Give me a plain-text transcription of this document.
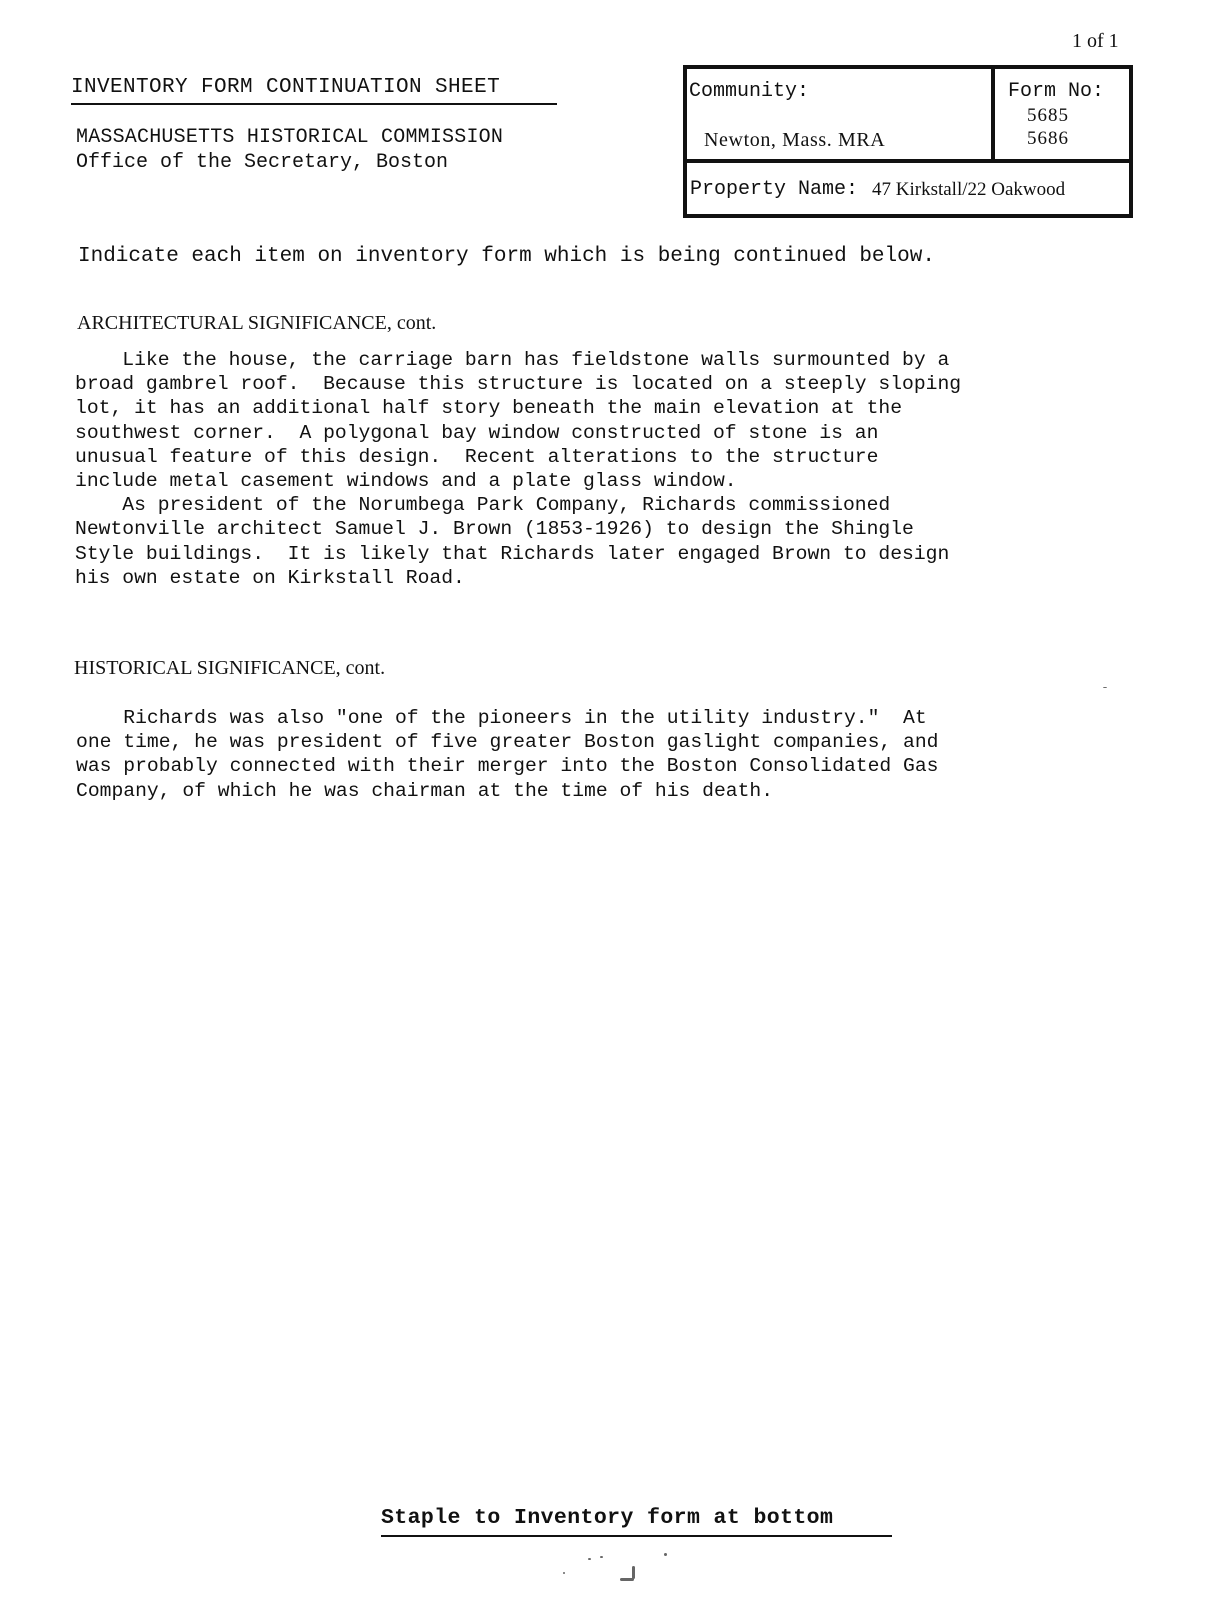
1 of 1
INVENTORY FORM CONTINUATION SHEET
MASSACHUSETTS HISTORICAL COMMISSION
Office of the Secretary, Boston
Community:
Newton, Mass. MRA
Form No:
5685
5686
Property Name: 47 Kirkstall/22 Oakwood
Indicate each item on inventory form which is being continued below.
ARCHITECTURAL SIGNIFICANCE, cont.
Like the house, the carriage barn has fieldstone walls surmounted by a
broad gambrel roof.  Because this structure is located on a steeply sloping
lot, it has an additional half story beneath the main elevation at the
southwest corner.  A polygonal bay window constructed of stone is an
unusual feature of this design.  Recent alterations to the structure
include metal casement windows and a plate glass window.
As president of the Norumbega Park Company, Richards commissioned
Newtonville architect Samuel J. Brown (1853-1926) to design the Shingle
Style buildings.  It is likely that Richards later engaged Brown to design
his own estate on Kirkstall Road.
HISTORICAL SIGNIFICANCE, cont.
Richards was also "one of the pioneers in the utility industry."  At
one time, he was president of five greater Boston gaslight companies, and
was probably connected with their merger into the Boston Consolidated Gas
Company, of which he was chairman at the time of his death.
Staple to Inventory form at bottom
